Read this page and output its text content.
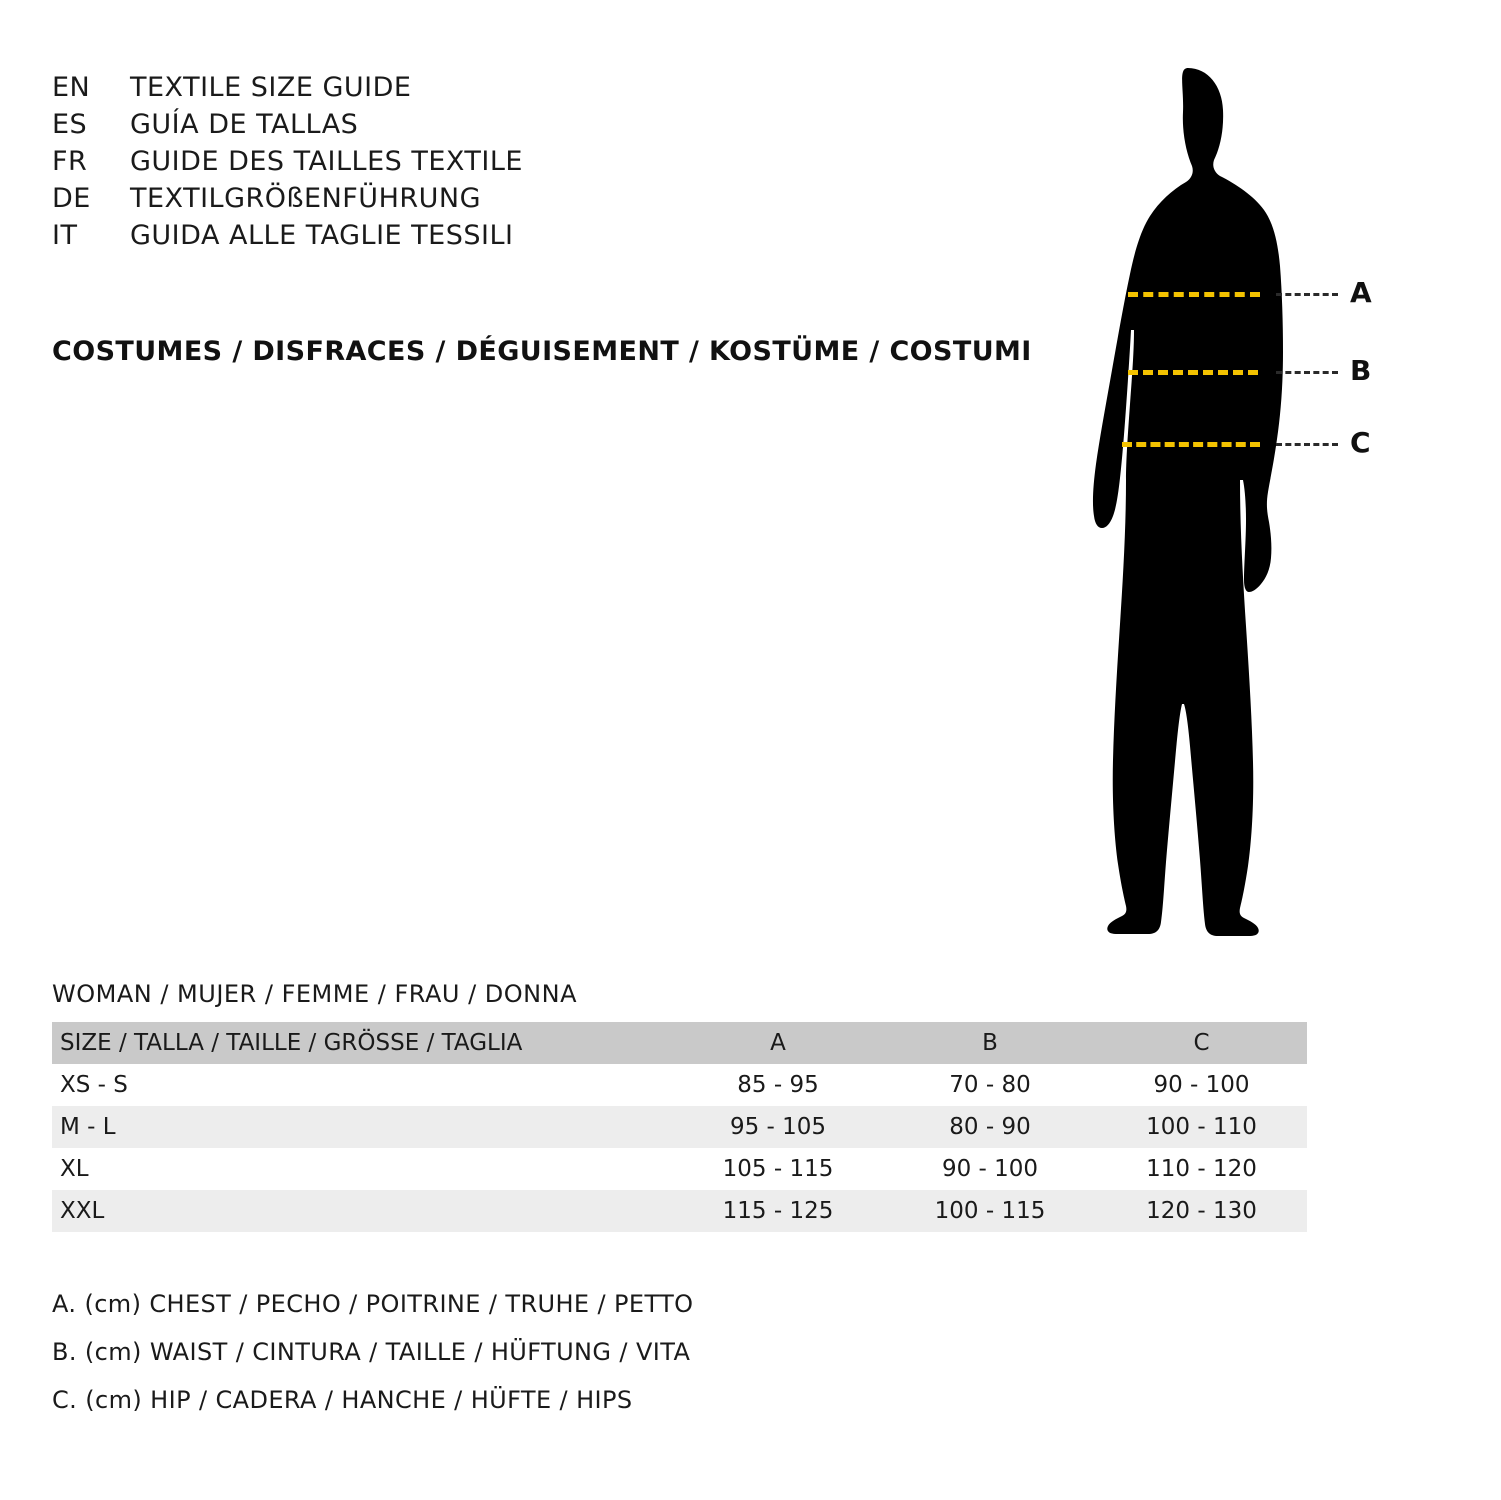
EN	TEXTILE SIZE GUIDE
ES	GUÍA DE TALLAS
FR	GUIDE DES TAILLES TEXTILE
DE	TEXTILGRÖßENFÜHRUNG
IT	GUIDA ALLE TAGLIE TESSILI
COSTUMES / DISFRACES / DÉGUISEMENT / KOSTÜME / COSTUMI
A
B
C
WOMAN / MUJER / FEMME / FRAU / DONNA
SIZE / TALLA / TAILLE / GRÖSSE / TAGLIA	A	B	C
XS - S	85 - 95	70 - 80	90 - 100
M - L	95 - 105	80 - 90	100 - 110
XL	105 - 115	90 - 100	110 - 120
XXL	115 - 125	100 - 115	120 - 130
A. (cm) CHEST / PECHO / POITRINE / TRUHE / PETTO
B. (cm) WAIST / CINTURA / TAILLE / HÜFTUNG / VITA
C. (cm) HIP / CADERA / HANCHE / HÜFTE / HIPS
